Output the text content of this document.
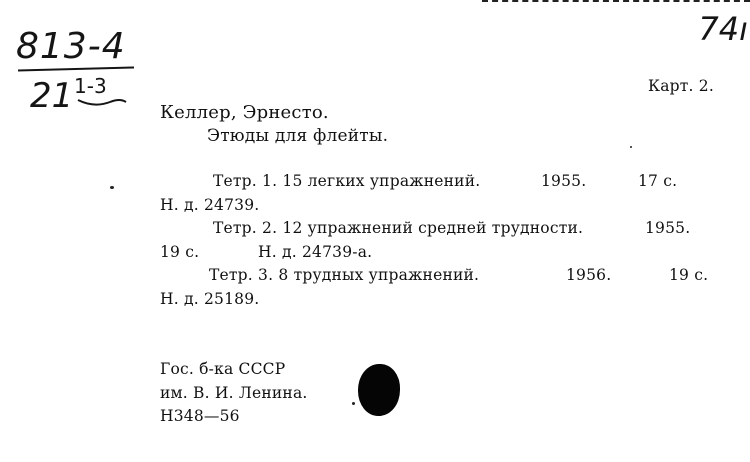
813-4
21 1-3
74ı
Карт. 2.
Келлер, Эрнесто.
Этюды для флейты.
Тетр. 1. 15 легких упражнений.	1955.	17 с.
Н. д. 24739.
Тетр. 2. 12 упражнений средней трудности.	1955.
19 с.	Н. д. 24739-а.
Тетр. 3. 8 трудных упражнений.	1956.	19 с.
Н. д. 25189.
Гос. б-ка СССР
им. В. И. Ленина.
Н348—56
